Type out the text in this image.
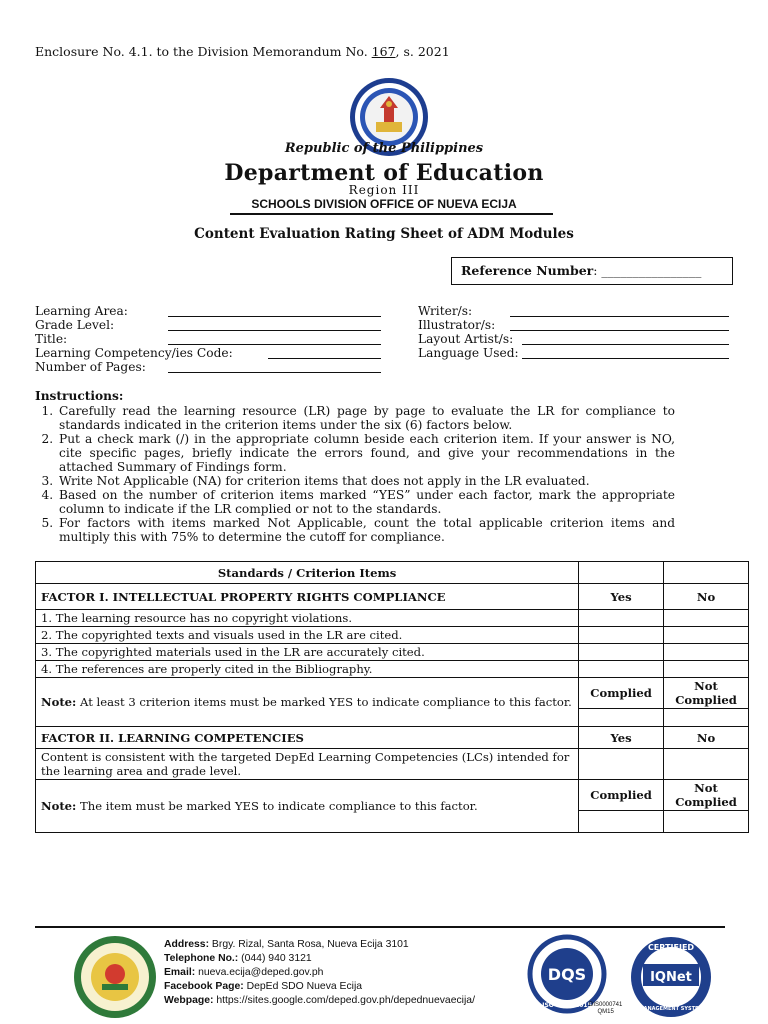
Enclosure No. 4.1. to the Division Memorandum No. 167, s. 2021
Republic of the Philippines
Department of Education
Region III
SCHOOLS DIVISION OFFICE OF NUEVA ECIJA
Content Evaluation Rating Sheet of ADM Modules
Reference Number: ________________
Learning Area:
Grade Level:
Title:
Learning Competency/ies Code:
Number of Pages:
Writer/s:
Illustrator/s:
Layout Artist/s:
Language Used:
Instructions:
1. Carefully read the learning resource (LR) page by page to evaluate the LR for compliance to standards indicated in the criterion items under the six (6) factors below.
2. Put a check mark (/) in the appropriate column beside each criterion item. If your answer is NO, cite specific pages, briefly indicate the errors found, and give your recommendations in the attached Summary of Findings form.
3. Write Not Applicable (NA) for criterion items that does not apply in the LR evaluated.
4. Based on the number of criterion items marked “YES” under each factor, mark the appropriate column to indicate if the LR complied or not to the standards.
5. For factors with items marked Not Applicable, count the total applicable criterion items and multiply this with 75% to determine the cutoff for compliance.
Standards / Criterion Items		
FACTOR I. INTELLECTUAL PROPERTY RIGHTS COMPLIANCE	Yes	No
1. The learning resource has no copyright violations.		
2. The copyrighted texts and visuals used in the LR are cited.		
3. The copyrighted materials used in the LR are accurately cited.		
4. The references are properly cited in the Bibliography.		
Note: At least 3 criterion items must be marked YES to indicate compliance to this factor.	Complied	Not Complied

FACTOR II. LEARNING COMPETENCIES	Yes	No
Content is consistent with the targeted DepEd Learning Competencies (LCs) intended for the learning area and grade level.		
Note: The item must be marked YES to indicate compliance to this factor.	Complied	Not Complied

Address: Brgy. Rizal, Santa Rosa, Nueva Ecija 3101
Telephone No.: (044) 940 3121
Email: nueva.ecija@deped.gov.ph
Facebook Page: DepEd SDO Nueva Ecija
Webpage: https://sites.google.com/deped.gov.ph/depednuevaecija/
DQS
ISO 9001:2015
DIS0000741
QM15
IQNet
CERTIFIED
MANAGEMENT SYSTEM
